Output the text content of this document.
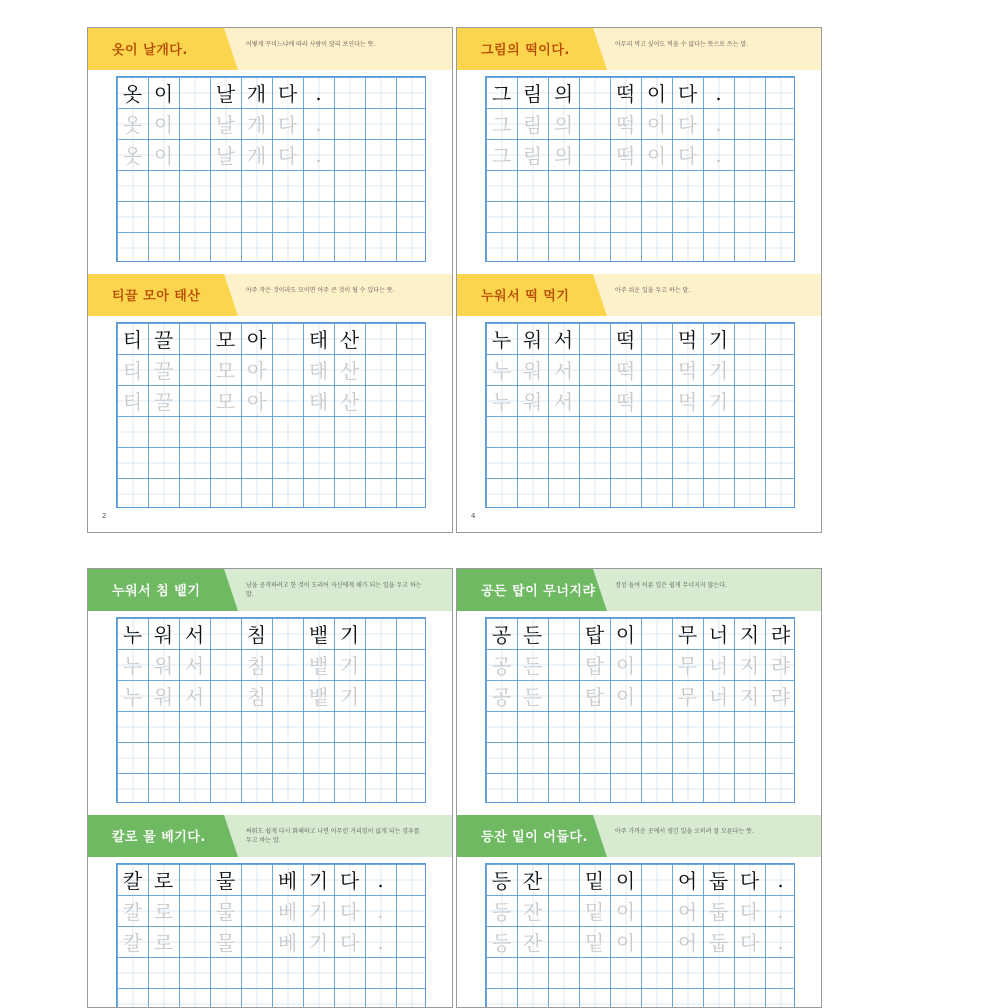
옷이 날개다.	어떻게 꾸미느냐에 따라 사람이 달리 보인다는 뜻.
옷 이 날 개 다 .
옷 이 날 개 다 .
옷 이 날 개 다 .
티끌 모아 태산	아주 작은 것이라도 모이면 아주 큰 것이 될 수 있다는 뜻.
티 끌 모 아 태 산
티 끌 모 아 태 산
티 끌 모 아 태 산
2
그림의 떡이다.	아무리 먹고 싶어도 먹을 수 없다는 뜻으로 쓰는 말.
그 림 의 떡 이 다 .
그 림 의 떡 이 다 .
그 림 의 떡 이 다 .
누워서 떡 먹기	아주 쉬운 일을 두고 하는 말.
누 워 서 떡 먹 기
누 워 서 떡 먹 기
누 워 서 떡 먹 기
4
누워서 침 뱉기	남을 공격하려고 한 것이 도리어 자신에게 해가 되는 일을 두고 하는 말.
누 워 서 침 뱉 기
누 워 서 침 뱉 기
누 워 서 침 뱉 기
칼로 물 베기다.	싸워도 쉽게 다시 화해하고 나면 아무런 거리낌이 없게 되는 경우를 두고 하는 말.
칼 로 물 베 기 다 .
칼 로 물 베 기 다 .
칼 로 물 베 기 다 .
공든 탑이 무너지랴	정성 들여 이룬 일은 쉽게 무너지지 않는다.
공 든 탑 이 무 너 지 랴
공 든 탑 이 무 너 지 랴
공 든 탑 이 무 너 지 랴
등잔 밑이 어둡다.	아주 가까운 곳에서 생긴 일을 오히려 잘 모른다는 뜻.
등 잔 밑 이 어 둡 다 .
등 잔 밑 이 어 둡 다 .
등 잔 밑 이 어 둡 다 .
